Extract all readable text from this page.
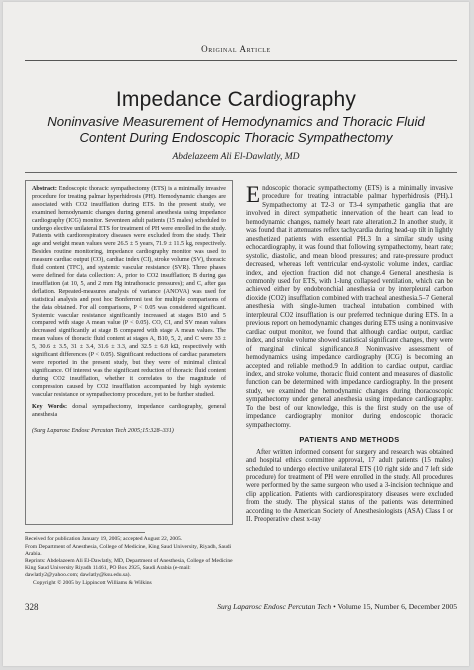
Original Article
Impedance Cardiography
Noninvasive Measurement of Hemodynamics and Thoracic Fluid Content During Endoscopic Thoracic Sympathectomy
Abdelazeem Ali El-Dawlatly, MD

Abstract: Endoscopic thoracic sympathectomy (ETS) is a minimally invasive procedure for treating palmar hyperhidrosis (PH). Hemodynamic changes are associated with CO2 insufflation during ETS. In the present study, we examined hemodynamic changes during general anesthesia using impedance cardiography (ICG) monitor. Seventeen adult patients (15 males) scheduled to undergo elective unilateral ETS for treatment of PH were enrolled in the study. Patients with cardiorespiratory diseases were excluded from the study. Their age and weight mean values were 26.5 ± 5 years, 71.9 ± 11.5 kg, respectively. Besides routine monitoring, impedance cardiography monitor was used to measure cardiac output (CO), cardiac index (CI), stroke volume (SV), thoracic fluid content (TFC), and systemic vascular resistance (SVR). Three phases were defined for data collection: A, prior to CO2 insufflation; B during gas insufflation (at 10, 5, and 2 mm Hg intrathoracic pressures); and C, after gas deflation. Repeated-measures analysis of variance (ANOVA) was used for statistical analysis and post hoc Bonferroni test for multiple comparisons of the data obtained. For all comparisons, P < 0.05 was considered significant. Systemic vascular resistance significantly increased at stages B10 and 5 compared with stage A mean value (P < 0.05). CO, CI, and SV mean values decreased significantly at stage B compared with stage A mean values. The mean values of thoracic fluid content at stages A, B10, 5, 2, and C were 33 ± 5, 30.6 ± 3.5, 31 ± 3.4, 31.6 ± 3.3, and 32.5 ± 6.8 kΩ, respectively with significant differences (P < 0.05). Significant reductions of cardiac parameters were reported in the present study, but they were of minimal clinical significance. Of interest was the significant reduction of thoracic fluid content during CO2 insufflation, whether it correlates to the magnitude of compression caused by CO2 insufflation accompanied by high systemic vascular resistance or sympathectomy procedure, yet to be further studied.

Key Words: dorsal sympathectomy, impedance cardiography, general anesthesia

(Surg Laparosc Endosc Percutan Tech 2005;15:328–331)

Received for publication January 19, 2005; accepted August 22, 2005.

From Department of Anesthesia, College of Medicine, King Saud University, Riyadh, Saudi Arabia.

Reprints: Abdelazeem Ali El-Dawlatly, MD, Department of Anesthesia, College of Medicine King Saud University Riyadh 11461, PO Box 2925, Saudi Arabia (e-mail: dawlatly2@yahoo.com; dawlatly@ksu.edu.sa).

Copyright © 2005 by Lippincott Williams & Wilkins

Endoscopic thoracic sympathectomy (ETS) is a minimally invasive procedure for treating intractable palmar hyperhidrosis (PH).1 Sympathectomy at T2-3 or T3-4 sympathetic ganglia that are involved in direct sympathetic innervation of the heart can lead to hemodynamic changes, namely heart rate alteration.2 In another study, it was found that it attenuates reflex tachycardia during head-up tilt in lightly anesthetized patients with essential PH.3 In a similar study using echocardiography, it was found that following sympathectomy, heart rate; systolic, diastolic, and mean blood pressures; and rate-pressure product decreased, whereas left ventricular end-systolic volume index, cardiac index, and ejection fraction did not change.4 General anesthesia is commonly used for ETS, with 1-lung collapsed ventilation, which can be achieved either by endobronchial anesthesia or by interpleural carbon dioxide (CO2) insufflation combined with tracheal anesthesia.5–7 General anesthesia with single-lumen tracheal intubation combined with interpleural CO2 insufflation is our preferred technique during ETS. In a previous report on hemodynamic changes during ETS using a noninvasive cardiac output monitor, we found that although cardiac output, cardiac index, and stroke volume showed statistical significant changes, they were of marginal clinical significance.8 Noninvasive assessment of hemodynamics using impedance cardiography (ICG) is becoming an accepted and reliable method.9 In addition to cardiac output, cardiac index, and stroke volume, thoracic fluid content and measures of diastolic function can be determined with impedance cardiography. In the present study, we examined the hemodynamic changes during thoracoscopic sympathectomy under general anesthesia using impedance cardiography. To the best of our knowledge, this is the first study on the use of impedance cardiography monitor during endoscopic thoracic sympathectomy.

PATIENTS AND METHODS

After written informed consent for surgery and research was obtained and hospital ethics committee approval, 17 adult patients (15 males) scheduled to undergo elective unilateral ETS (10 right side and 7 left side procedure) for treatment of PH were enrolled in the study. All procedures were performed by the same surgeon who used a 3-incision technique and clip application. Patients with cardiorespiratory diseases were excluded from the study. The physical status of the patients was determined according to the American Society of Anesthesiologists (ASA) Class I or II. Preoperative chest x-ray

328	Surg Laparosc Endosc Percutan Tech • Volume 15, Number 6, December 2005
